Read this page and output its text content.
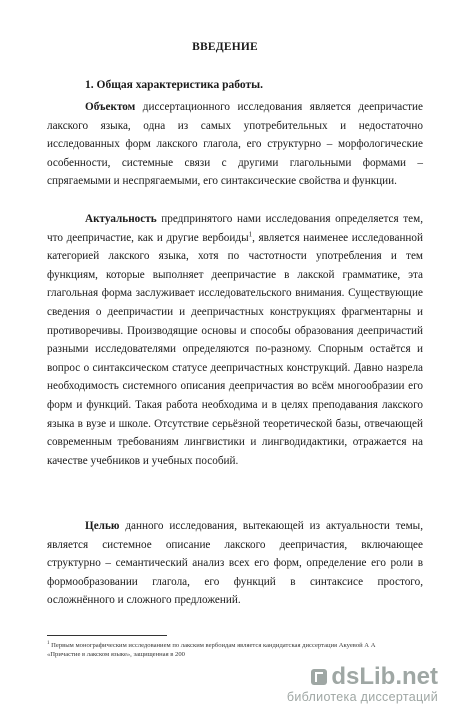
ВВЕДЕНИЕ
1. Общая характеристика работы.

Объектом диссертационного исследования является деепричастие лакского языка, одна из самых употребительных и недостаточно исследованных форм лакского глагола, его структурно – морфологические особенности, системные связи с другими глагольными формами – спрягаемыми и неспрягаемыми, его синтаксические свойства и функции.

Актуальность предпринятого нами исследования определяется тем, что деепричастие, как и другие вербоиды$^1$, является наименее исследованной категорией лакского языка, хотя по частотности употребления и тем функциям, которые выполняет деепричастие в лакской грамматике, эта глагольная форма заслуживает исследовательского внимания. Существующие сведения о деепричастии и деепричастных конструкциях фрагментарны и противоречивы. Производящие основы и способы образования деепричастий разными исследователями определяются по-разному. Спорным остаётся и вопрос о синтаксическом статусе деепричастных конструкций. Давно назрела необходимость системного описания деепричастия во всём многообразии его форм и функций. Такая работа необходима и в целях преподавания лакского языка в вузе и школе. Отсутствие серьёзной теоретической базы, отвечающей современным требованиям лингвистики и лингводидактики, отражается на качестве учебников и учебных пособий.

Целью данного исследования, вытекающей из актуальности темы, является системное описание лакского деепричастия, включающее структурно – семантический анализ всех его форм, определение его роли в формообразовании глагола, его функций в синтаксисе простого, осложнённого и сложного предложений.

$^1$ Первым монографическим исследованием по лакским вербоидам является кандидатская диссертация Акуевой А А «Причастие в лакском языке», защищенная в 200
dsLib.net
библиотека диссертаций
